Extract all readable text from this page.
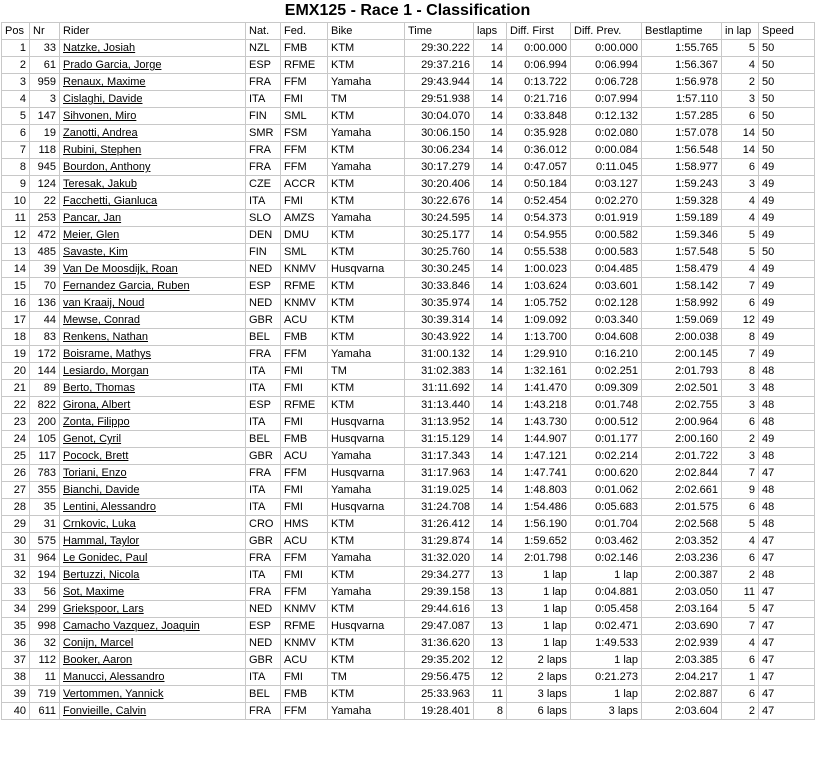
EMX125 - Race 1 - Classification
Pos	Nr	Rider	Nat.	Fed.	Bike	Time	laps	Diff. First	Diff. Prev.	Bestlaptime	in lap	Speed
1	33	Natzke, Josiah	NZL	FMB	KTM	29:30.222	14	0:00.000	0:00.000	1:55.765	5	50
2	61	Prado Garcia, Jorge	ESP	RFME	KTM	29:37.216	14	0:06.994	0:06.994	1:56.367	4	50
3	959	Renaux, Maxime	FRA	FFM	Yamaha	29:43.944	14	0:13.722	0:06.728	1:56.978	2	50
4	3	Cislaghi, Davide	ITA	FMI	TM	29:51.938	14	0:21.716	0:07.994	1:57.110	3	50
5	147	Sihvonen, Miro	FIN	SML	KTM	30:04.070	14	0:33.848	0:12.132	1:57.285	6	50
6	19	Zanotti, Andrea	SMR	FSM	Yamaha	30:06.150	14	0:35.928	0:02.080	1:57.078	14	50
7	118	Rubini, Stephen	FRA	FFM	KTM	30:06.234	14	0:36.012	0:00.084	1:56.548	14	50
8	945	Bourdon, Anthony	FRA	FFM	Yamaha	30:17.279	14	0:47.057	0:11.045	1:58.977	6	49
9	124	Teresak, Jakub	CZE	ACCR	KTM	30:20.406	14	0:50.184	0:03.127	1:59.243	3	49
10	22	Facchetti, Gianluca	ITA	FMI	KTM	30:22.676	14	0:52.454	0:02.270	1:59.328	4	49
11	253	Pancar, Jan	SLO	AMZS	Yamaha	30:24.595	14	0:54.373	0:01.919	1:59.189	4	49
12	472	Meier, Glen	DEN	DMU	KTM	30:25.177	14	0:54.955	0:00.582	1:59.346	5	49
13	485	Savaste, Kim	FIN	SML	KTM	30:25.760	14	0:55.538	0:00.583	1:57.548	5	50
14	39	Van De Moosdijk, Roan	NED	KNMV	Husqvarna	30:30.245	14	1:00.023	0:04.485	1:58.479	4	49
15	70	Fernandez Garcia, Ruben	ESP	RFME	KTM	30:33.846	14	1:03.624	0:03.601	1:58.142	7	49
16	136	van Kraaij, Noud	NED	KNMV	KTM	30:35.974	14	1:05.752	0:02.128	1:58.992	6	49
17	44	Mewse, Conrad	GBR	ACU	KTM	30:39.314	14	1:09.092	0:03.340	1:59.069	12	49
18	83	Renkens, Nathan	BEL	FMB	KTM	30:43.922	14	1:13.700	0:04.608	2:00.038	8	49
19	172	Boisrame, Mathys	FRA	FFM	Yamaha	31:00.132	14	1:29.910	0:16.210	2:00.145	7	49
20	144	Lesiardo, Morgan	ITA	FMI	TM	31:02.383	14	1:32.161	0:02.251	2:01.793	8	48
21	89	Berto, Thomas	ITA	FMI	KTM	31:11.692	14	1:41.470	0:09.309	2:02.501	3	48
22	822	Girona, Albert	ESP	RFME	KTM	31:13.440	14	1:43.218	0:01.748	2:02.755	3	48
23	200	Zonta, Filippo	ITA	FMI	Husqvarna	31:13.952	14	1:43.730	0:00.512	2:00.964	6	48
24	105	Genot, Cyril	BEL	FMB	Husqvarna	31:15.129	14	1:44.907	0:01.177	2:00.160	2	49
25	117	Pocock, Brett	GBR	ACU	Yamaha	31:17.343	14	1:47.121	0:02.214	2:01.722	3	48
26	783	Toriani, Enzo	FRA	FFM	Husqvarna	31:17.963	14	1:47.741	0:00.620	2:02.844	7	47
27	355	Bianchi, Davide	ITA	FMI	Yamaha	31:19.025	14	1:48.803	0:01.062	2:02.661	9	48
28	35	Lentini, Alessandro	ITA	FMI	Husqvarna	31:24.708	14	1:54.486	0:05.683	2:01.575	6	48
29	31	Crnkovic, Luka	CRO	HMS	KTM	31:26.412	14	1:56.190	0:01.704	2:02.568	5	48
30	575	Hammal, Taylor	GBR	ACU	KTM	31:29.874	14	1:59.652	0:03.462	2:03.352	4	47
31	964	Le Gonidec, Paul	FRA	FFM	Yamaha	31:32.020	14	2:01.798	0:02.146	2:03.236	6	47
32	194	Bertuzzi, Nicola	ITA	FMI	KTM	29:34.277	13	1 lap	1 lap	2:00.387	2	48
33	56	Sot, Maxime	FRA	FFM	Yamaha	29:39.158	13	1 lap	0:04.881	2:03.050	11	47
34	299	Griekspoor, Lars	NED	KNMV	KTM	29:44.616	13	1 lap	0:05.458	2:03.164	5	47
35	998	Camacho Vazquez, Joaquin	ESP	RFME	Husqvarna	29:47.087	13	1 lap	0:02.471	2:03.690	7	47
36	32	Conijn, Marcel	NED	KNMV	KTM	31:36.620	13	1 lap	1:49.533	2:02.939	4	47
37	112	Booker, Aaron	GBR	ACU	KTM	29:35.202	12	2 laps	1 lap	2:03.385	6	47
38	11	Manucci, Alessandro	ITA	FMI	TM	29:56.475	12	2 laps	0:21.273	2:04.217	1	47
39	719	Vertommen, Yannick	BEL	FMB	KTM	25:33.963	11	3 laps	1 lap	2:02.887	6	47
40	611	Fonvieille, Calvin	FRA	FFM	Yamaha	19:28.401	8	6 laps	3 laps	2:03.604	2	47
